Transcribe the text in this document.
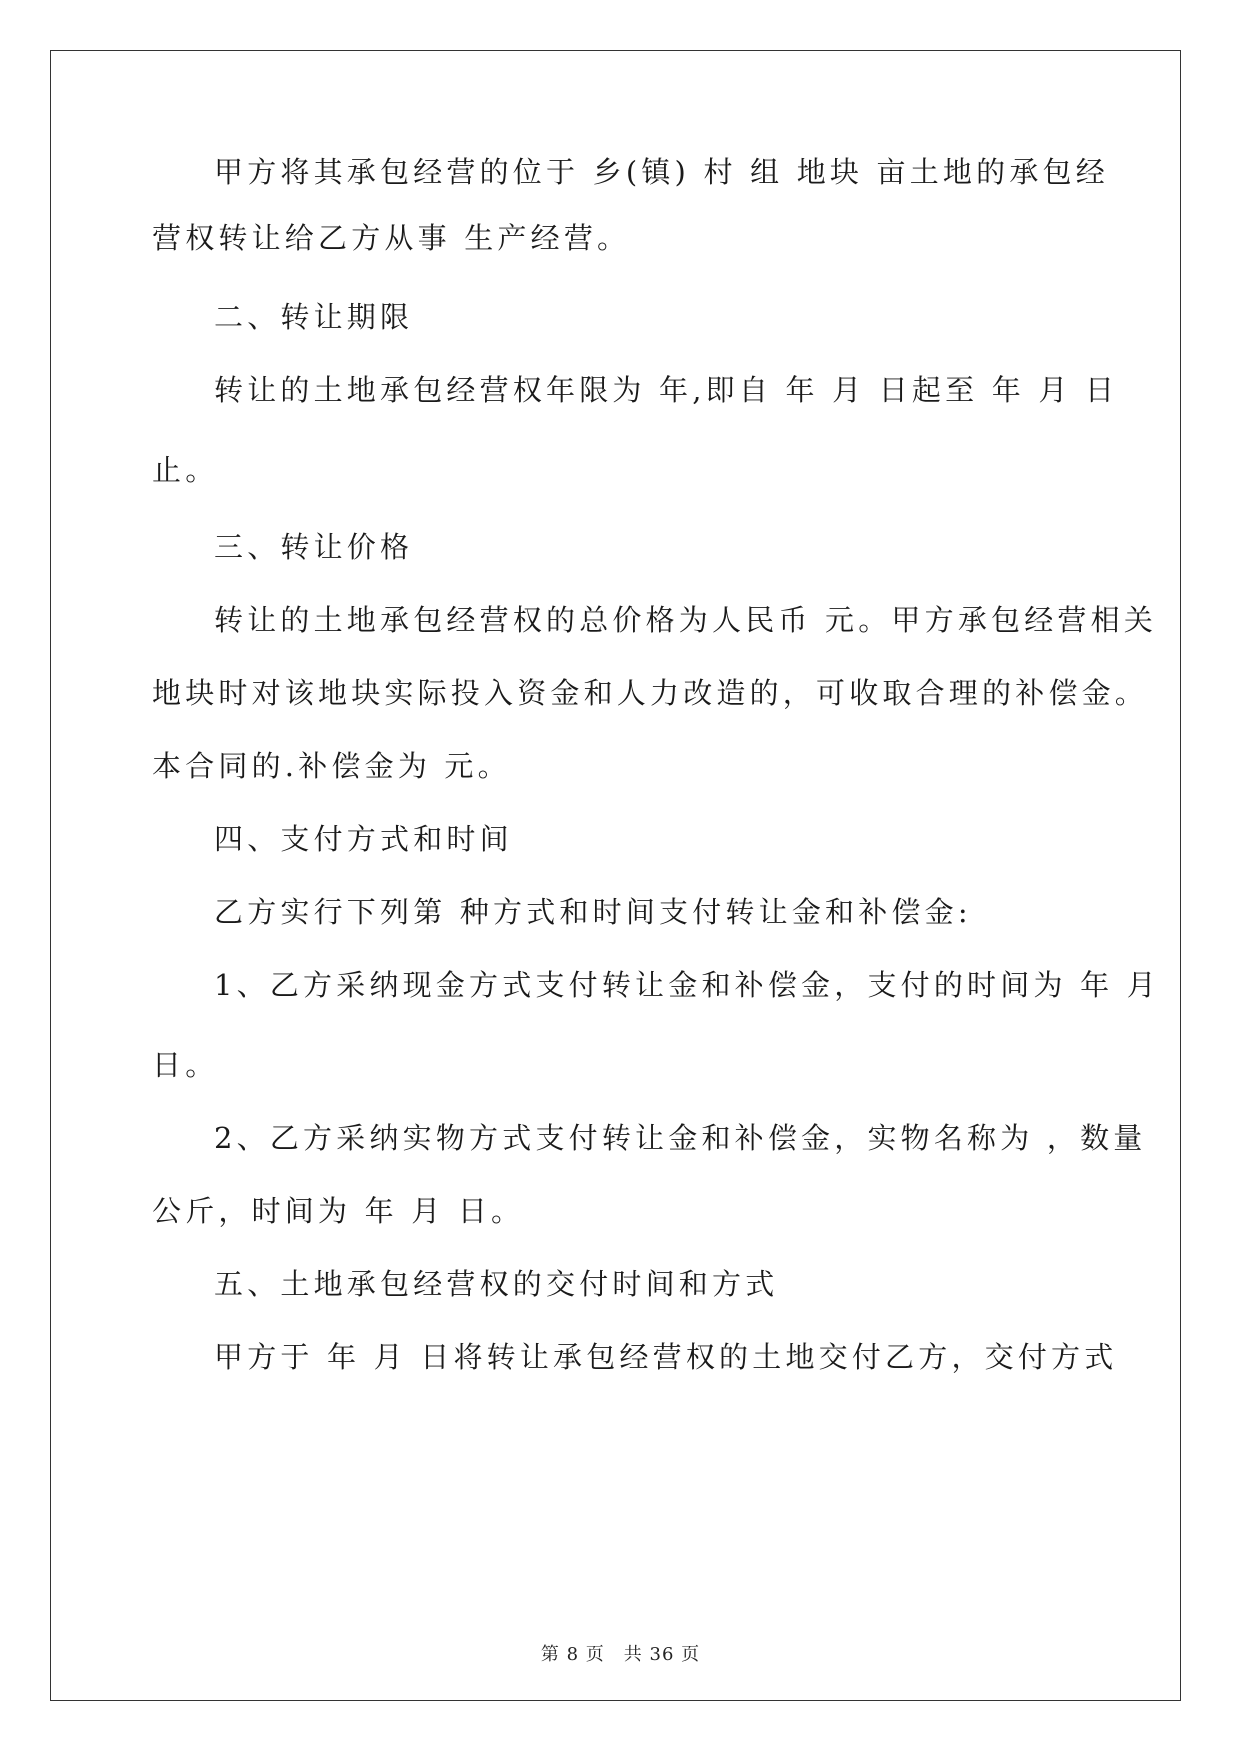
甲方将其承包经营的位于 乡(镇) 村 组 地块 亩土地的承包经
营权转让给乙方从事 生产经营。
二、转让期限
转让的土地承包经营权年限为 年,即自 年 月 日起至 年 月 日
止。
三、转让价格
转让的土地承包经营权的总价格为人民币 元。甲方承包经营相关
地块时对该地块实际投入资金和人力改造的，可收取合理的补偿金。
本合同的.补偿金为 元。
四、支付方式和时间
乙方实行下列第 种方式和时间支付转让金和补偿金:
1、乙方采纳现金方式支付转让金和补偿金，支付的时间为 年 月
日。
2、乙方采纳实物方式支付转让金和补偿金，实物名称为 ，数量
公斤，时间为 年 月 日。
五、土地承包经营权的交付时间和方式
甲方于 年 月 日将转让承包经营权的土地交付乙方，交付方式
第 8 页　共 36 页
